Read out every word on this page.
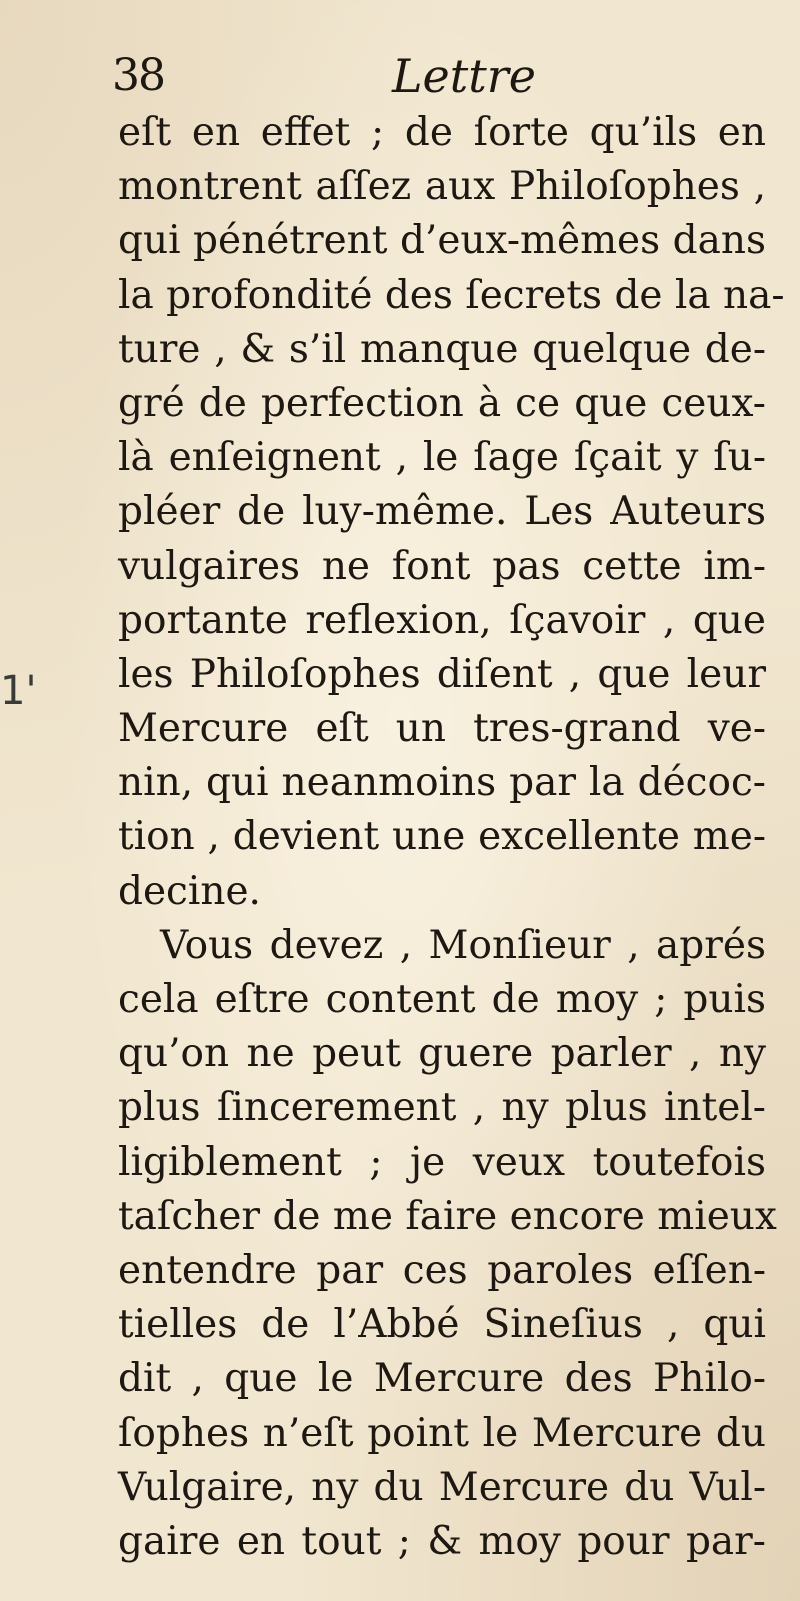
38	Lettre
1'
eſt en effet ; de ſorte qu’ils en
montrent aſſez aux Philoſophes ,
qui pénétrent d’eux-mêmes dans
la profondité des ſecrets de la na-
ture , & s’il manque quelque de-
gré de perfection à ce que ceux-
là enſeignent , le ſage ſçait y ſu-
pléer de luy-même. Les Auteurs
vulgaires ne font pas cette im-
portante reflexion, ſçavoir , que
les Philoſophes diſent , que leur
Mercure eſt un tres-grand ve-
nin, qui neanmoins par la décoc-
tion , devient une excellente me-
decine.
Vous devez , Monſieur , aprés
cela eſtre content de moy ; puis
qu’on ne peut guere parler , ny
plus ſincerement , ny plus intel-
ligiblement ; je veux toutefois
taſcher de me faire encore mieux
entendre par ces paroles eſſen-
tielles de l’Abbé Sineſius , qui
dit , que le Mercure des Philo-
ſophes n’eſt point le Mercure du
Vulgaire, ny du Mercure du Vul-
gaire en tout ; & moy pour par-
